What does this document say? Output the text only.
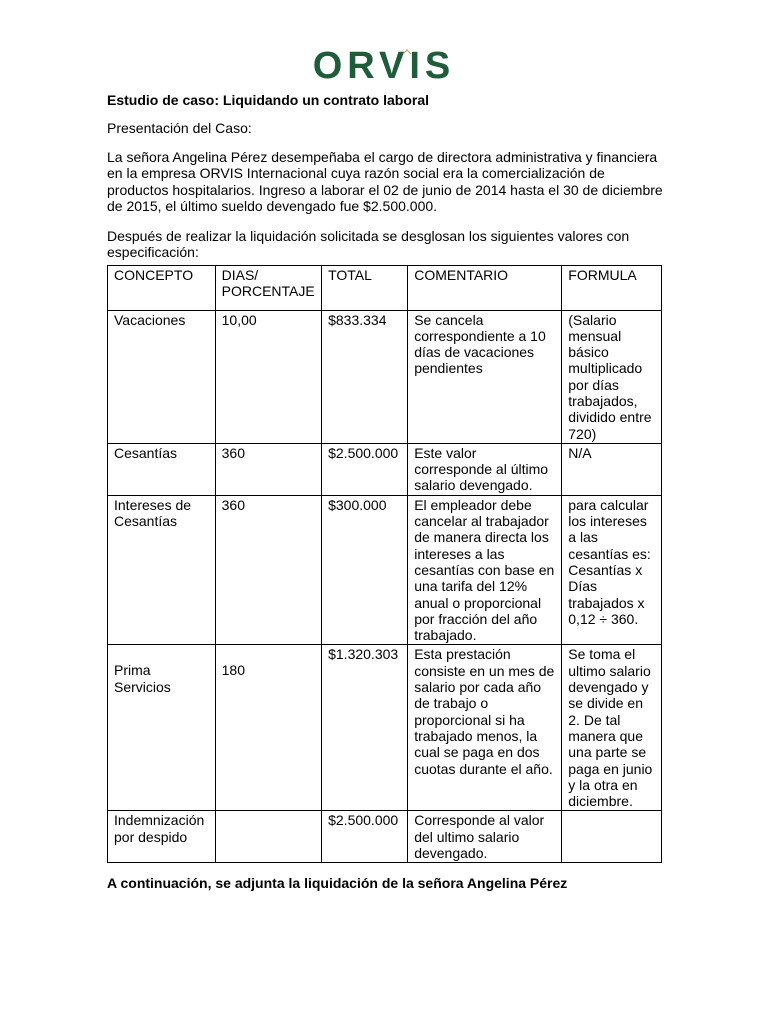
ORVIS
Estudio de caso: Liquidando un contrato laboral
Presentación del Caso:
La señora Angelina Pérez desempeñaba el cargo de directora administrativa y financiera en la empresa ORVIS Internacional cuya razón social era la comercialización de productos hospitalarios. Ingreso a laborar el 02 de junio de 2014 hasta el 30 de diciembre de 2015, el último sueldo devengado fue $2.500.000.
Después de realizar la liquidación solicitada se desglosan los siguientes valores con especificación:
CONCEPTO	DIAS/ PORCENTAJE	TOTAL	COMENTARIO	FORMULA
Vacaciones	10,00	$833.334	Se cancela correspondiente a 10 días de vacaciones pendientes	(Salario mensual básico multiplicado por días trabajados, dividido entre 720)
Cesantías	360	$2.500.000	Este valor corresponde al último salario devengado.	N/A
Intereses de Cesantías	360	$300.000	El empleador debe cancelar al trabajador de manera directa los intereses a las cesantías con base en una tarifa del 12% anual o proporcional por fracción del año trabajado.	para calcular los intereses a las cesantías es: Cesantías x Días trabajados x 0,12 ÷ 360.

Prima Servicios	180	$1.320.303	Esta prestación consiste en un mes de salario por cada año de trabajo o proporcional si ha trabajado menos, la cual se paga en dos cuotas durante el año.	Se toma el ultimo salario devengado y se divide en 2. De tal manera que una parte se paga en junio y la otra en diciembre.
Indemnización por despido		$2.500.000	Corresponde al valor del ultimo salario devengado.	
A continuación, se adjunta la liquidación de la señora Angelina Pérez
